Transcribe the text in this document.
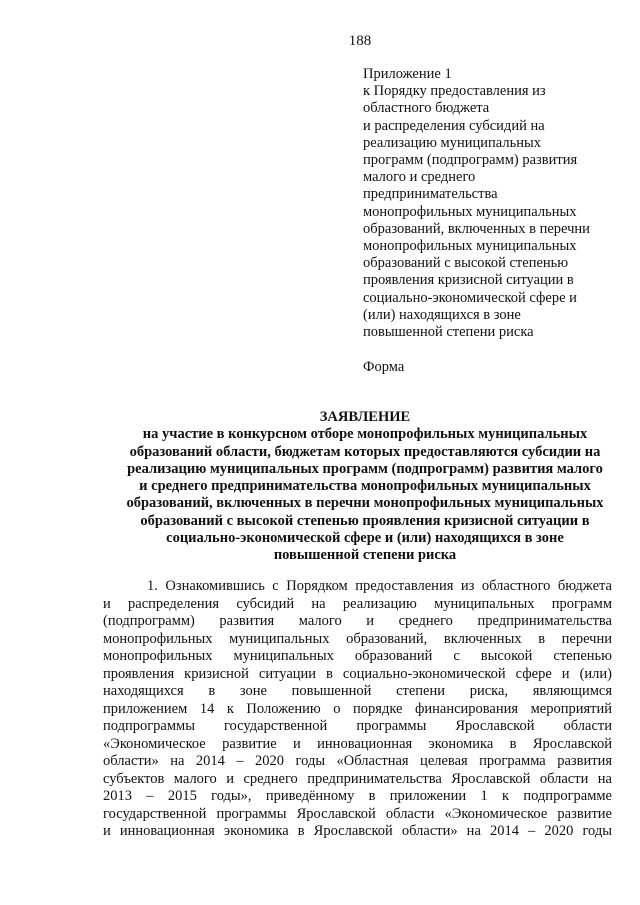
188
Приложение 1
к Порядку предоставления из
областного бюджета
и распределения субсидий на
реализацию муниципальных
программ (подпрограмм) развития
малого и среднего
предпринимательства
монопрофильных муниципальных
образований, включенных в перечни
монопрофильных муниципальных
образований с высокой степенью
проявления кризисной ситуации в
социально-экономической сфере и
(или) находящихся в зоне
повышенной степени риска
Форма
ЗАЯВЛЕНИЕ
на участие в конкурсном отборе монопрофильных муниципальных
образований области, бюджетам которых предоставляются субсидии на
реализацию муниципальных программ (подпрограмм) развития малого
и среднего предпринимательства монопрофильных муниципальных
образований, включенных в перечни монопрофильных муниципальных
образований с высокой степенью проявления кризисной ситуации в
социально-экономической сфере и (или) находящихся в зоне
повышенной степени риска
1. Ознакомившись с Порядком предоставления из областного бюджета
и распределения субсидий на реализацию муниципальных программ
(подпрограмм) развития малого и среднего предпринимательства
монопрофильных муниципальных образований, включенных в перечни
монопрофильных муниципальных образований с высокой степенью
проявления кризисной ситуации в социально-экономической сфере и (или)
находящихся в зоне повышенной степени риска, являющимся
приложением 14 к Положению о порядке финансирования мероприятий
подпрограммы государственной программы Ярославской области
«Экономическое развитие и инновационная экономика в Ярославской
области» на 2014 – 2020 годы «Областная целевая программа развития
субъектов малого и среднего предпринимательства Ярославской области на
2013 – 2015 годы», приведённому в приложении 1 к подпрограмме
государственной программы Ярославской области «Экономическое развитие
и инновационная экономика в Ярославской области» на 2014 – 2020 годы
